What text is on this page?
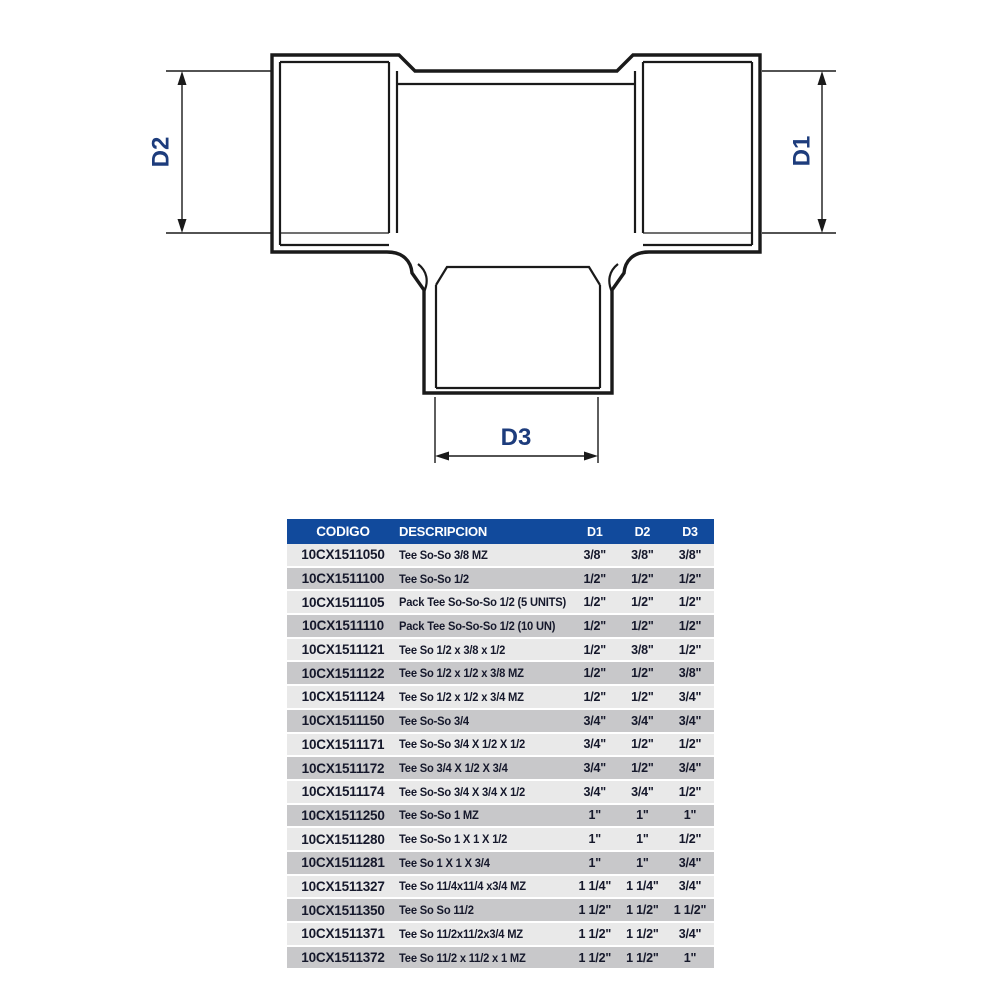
D2	D1
D3
CODIGO	DESCRIPCION	D1	D2	D3
10CX1511050	Tee So-So 3/8 MZ	3/8"	3/8"	3/8"
10CX1511100	Tee So-So 1/2	1/2"	1/2"	1/2"
10CX1511105	Pack Tee So-So-So 1/2 (5 UNITS)	1/2"	1/2"	1/2"
10CX1511110	Pack Tee So-So-So 1/2 (10 UN)	1/2"	1/2"	1/2"
10CX1511121	Tee So 1/2 x 3/8 x 1/2	1/2"	3/8"	1/2"
10CX1511122	Tee So 1/2 x 1/2 x 3/8 MZ	1/2"	1/2"	3/8"
10CX1511124	Tee So 1/2 x 1/2 x 3/4 MZ	1/2"	1/2"	3/4"
10CX1511150	Tee So-So 3/4	3/4"	3/4"	3/4"
10CX1511171	Tee So-So 3/4 X 1/2 X 1/2	3/4"	1/2"	1/2"
10CX1511172	Tee So 3/4 X 1/2 X 3/4	3/4"	1/2"	3/4"
10CX1511174	Tee So-So 3/4 X 3/4 X 1/2	3/4"	3/4"	1/2"
10CX1511250	Tee So-So 1 MZ	1"	1"	1"
10CX1511280	Tee So-So 1 X 1 X 1/2	1"	1"	1/2"
10CX1511281	Tee So 1 X 1 X 3/4	1"	1"	3/4"
10CX1511327	Tee So 11/4x11/4 x3/4 MZ	1 1/4"	1 1/4"	3/4"
10CX1511350	Tee So So 11/2	1 1/2"	1 1/2"	1 1/2"
10CX1511371	Tee So 11/2x11/2x3/4 MZ	1 1/2"	1 1/2"	3/4"
10CX1511372	Tee So 11/2 x 11/2 x 1 MZ	1 1/2"	1 1/2"	1"
